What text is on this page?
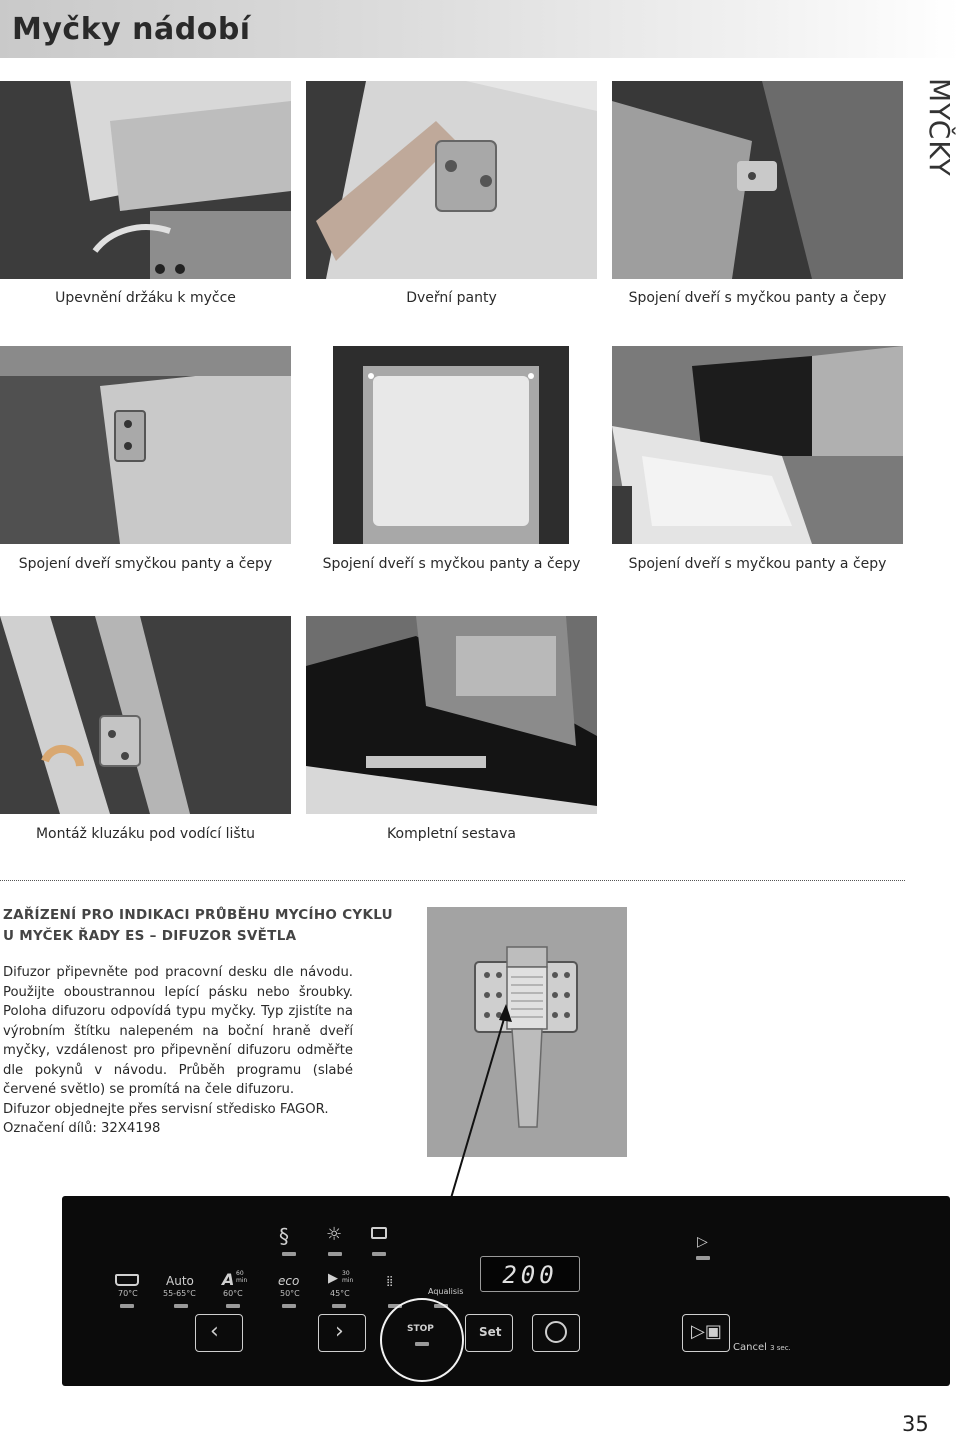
Myčky nádobí
MYČKY
Upevnění držáku k myčce	Dveřní panty	Spojení dveří s myčkou panty a čepy
Spojení dveří smyčkou panty a čepy	Spojení dveří s myčkou panty a čepy	Spojení dveří s myčkou panty a čepy
Montáž kluzáku pod vodící lištu	Kompletní sestava
ZAŘÍZENÍ PRO INDIKACI PRŮBĚHU MYCÍHO CYKLU
U MYČEK ŘADY ES – DIFUZOR SVĚTLA

Difuzor připevněte pod pracovní desku dle návodu. Použijte oboustrannou lepící pásku nebo šroubky. Poloha difuzoru odpovídá typu myčky. Typ zjistíte na výrobním štítku nalepeném na boční hraně dveří myčky, vzdálenost pro připevnění difuzoru odměřte dle pokynů v návodu. Průběh programu (slabé červené světlo) se promítá na čele difuzoru.

Difuzor objednejte přes servisní středisko FAGOR.

Označení dílů: 32X4198

§ ☼	▷
70°C
Auto
55-65°C
A 60 min
60°C
eco
50°C
▶ 30 min
45°C
⣿
Aqualisis
200
‹	›	STOP	Set	▷▣
Cancel 3 sec.
35
